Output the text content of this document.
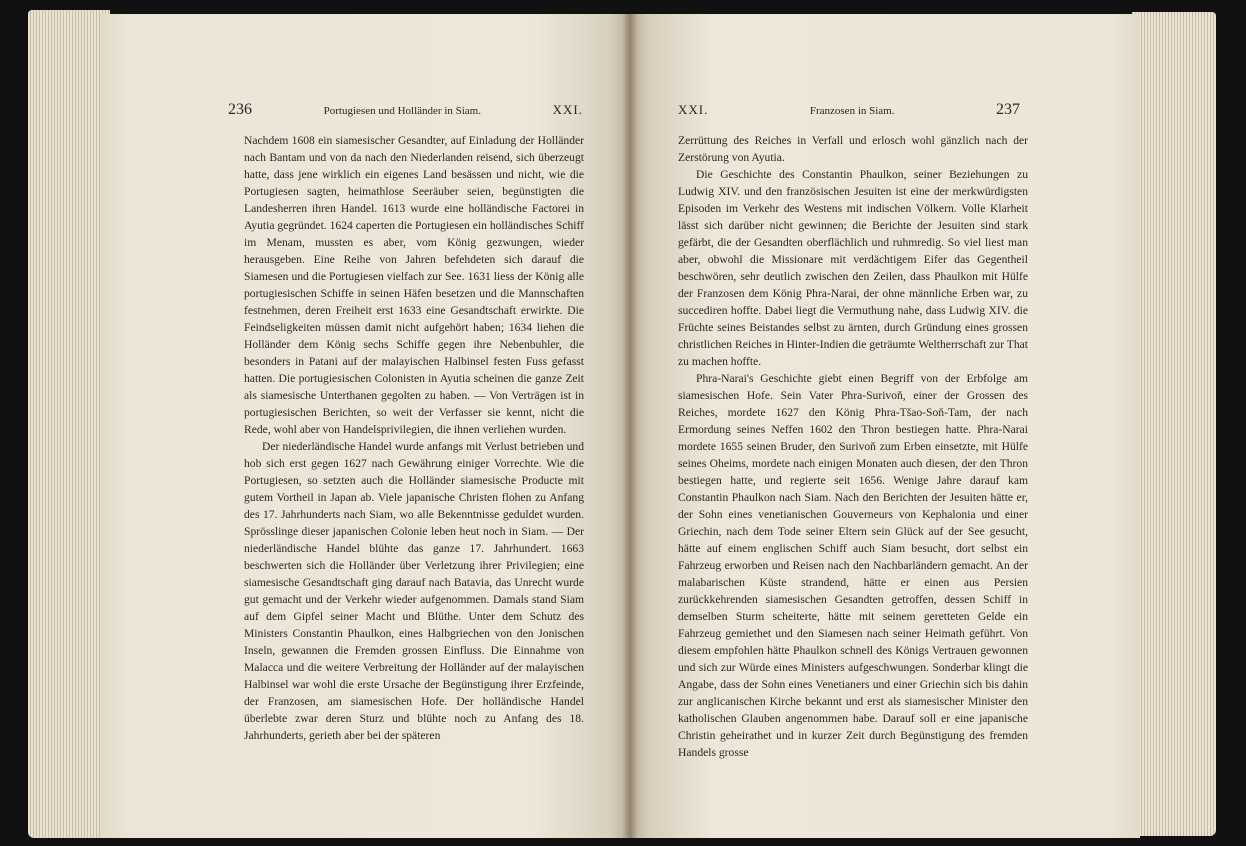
236	Portugiesen und Holländer in Siam.	XXI.	XXI.	Franzosen in Siam.	237

Nachdem 1608 ein siamesischer Gesandter, auf Einladung der Holländer nach Bantam und von da nach den Niederlanden reisend, sich überzeugt hatte, dass jene wirklich ein eigenes Land besässen und nicht, wie die Portugiesen sagten, heimathlose Seeräuber seien, begünstigten die Landesherren ihren Handel. 1613 wurde eine holländische Factorei in Ayutia gegründet. 1624 caperten die Portugiesen ein holländisches Schiff im Menam, mussten es aber, vom König gezwungen, wieder herausgeben. Eine Reihe von Jahren befehdeten sich darauf die Siamesen und die Portugiesen vielfach zur See. 1631 liess der König alle portugiesischen Schiffe in seinen Häfen besetzen und die Mannschaften festnehmen, deren Freiheit erst 1633 eine Gesandtschaft erwirkte. Die Feindseligkeiten müssen damit nicht aufgehört haben; 1634 liehen die Holländer dem König sechs Schiffe gegen ihre Nebenbuhler, die besonders in Patani auf der malayischen Halbinsel festen Fuss gefasst hatten. Die portugiesischen Colonisten in Ayutia scheinen die ganze Zeit als siamesische Unterthanen gegolten zu haben. — Von Verträgen ist in portugiesischen Berichten, so weit der Verfasser sie kennt, nicht die Rede, wohl aber von Handelsprivilegien, die ihnen verliehen wurden.

Der niederländische Handel wurde anfangs mit Verlust betrieben und hob sich erst gegen 1627 nach Gewährung einiger Vorrechte. Wie die Portugiesen, so setzten auch die Holländer siamesische Producte mit gutem Vortheil in Japan ab. Viele japanische Christen flohen zu Anfang des 17. Jahrhunderts nach Siam, wo alle Bekenntnisse geduldet wurden. Sprösslinge dieser japanischen Colonie leben heut noch in Siam. — Der niederländische Handel blühte das ganze 17. Jahrhundert. 1663 beschwerten sich die Holländer über Verletzung ihrer Privilegien; eine siamesische Gesandtschaft ging darauf nach Batavia, das Unrecht wurde gut gemacht und der Verkehr wieder aufgenommen. Damals stand Siam auf dem Gipfel seiner Macht und Blüthe. Unter dem Schutz des Ministers Constantin Phaulkon, eines Halbgriechen von den Jonischen Inseln, gewannen die Fremden grossen Einfluss. Die Einnahme von Malacca und die weitere Verbreitung der Holländer auf der malayischen Halbinsel war wohl die erste Ursache der Begünstigung ihrer Erzfeinde, der Franzosen, am siamesischen Hofe. Der holländische Handel überlebte zwar deren Sturz und blühte noch zu Anfang des 18. Jahrhunderts, gerieth aber bei der späteren

Zerrüttung des Reiches in Verfall und erlosch wohl gänzlich nach der Zerstörung von Ayutia.

Die Geschichte des Constantin Phaulkon, seiner Beziehungen zu Ludwig XIV. und den französischen Jesuiten ist eine der merkwürdigsten Episoden im Verkehr des Westens mit indischen Völkern. Volle Klarheit lässt sich darüber nicht gewinnen; die Berichte der Jesuiten sind stark gefärbt, die der Gesandten oberflächlich und ruhmredig. So viel liest man aber, obwohl die Missionare mit verdächtigem Eifer das Gegentheil beschwören, sehr deutlich zwischen den Zeilen, dass Phaulkon mit Hülfe der Franzosen dem König Phra-Narai, der ohne männliche Erben war, zu succediren hoffte. Dabei liegt die Vermuthung nahe, dass Ludwig XIV. die Früchte seines Beistandes selbst zu ärnten, durch Gründung eines grossen christlichen Reiches in Hinter-Indien die geträumte Weltherrschaft zur That zu machen hoffte.

Phra-Narai's Geschichte giebt einen Begriff von der Erbfolge am siamesischen Hofe. Sein Vater Phra-Surivoň, einer der Grossen des Reiches, mordete 1627 den König Phra-Tšao-Soň-Tam, der nach Ermordung seines Neffen 1602 den Thron bestiegen hatte. Phra-Narai mordete 1655 seinen Bruder, den Surivoň zum Erben einsetzte, mit Hülfe seines Oheims, mordete nach einigen Monaten auch diesen, der den Thron bestiegen hatte, und regierte seit 1656. Wenige Jahre darauf kam Constantin Phaulkon nach Siam. Nach den Berichten der Jesuiten hätte er, der Sohn eines venetianischen Gouverneurs von Kephalonia und einer Griechin, nach dem Tode seiner Eltern sein Glück auf der See gesucht, hätte auf einem englischen Schiff auch Siam besucht, dort selbst ein Fahrzeug erworben und Reisen nach den Nachbarländern gemacht. An der malabarischen Küste strandend, hätte er einen aus Persien zurückkehrenden siamesischen Gesandten getroffen, dessen Schiff in demselben Sturm scheiterte, hätte mit seinem geretteten Gelde ein Fahrzeug gemiethet und den Siamesen nach seiner Heimath geführt. Von diesem empfohlen hätte Phaulkon schnell des Königs Vertrauen gewonnen und sich zur Würde eines Ministers aufgeschwungen. Sonderbar klingt die Angabe, dass der Sohn eines Venetianers und einer Griechin sich bis dahin zur anglicanischen Kirche bekannt und erst als siamesischer Minister den katholischen Glauben angenommen habe. Darauf soll er eine japanische Christin geheirathet und in kurzer Zeit durch Begünstigung des fremden Handels grosse
